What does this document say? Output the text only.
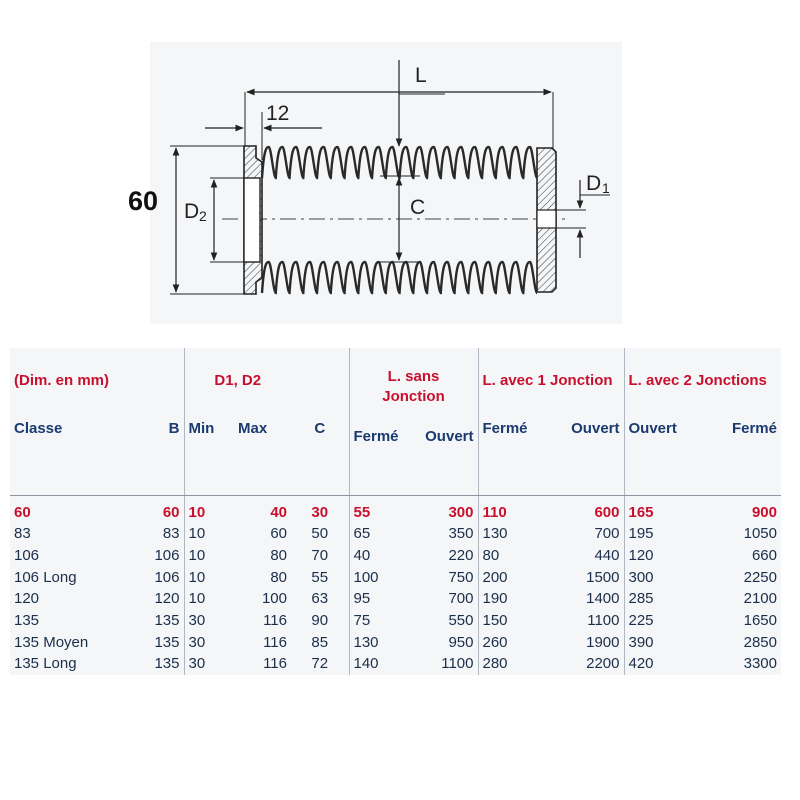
60
L
12
D 2	C
D 1
(Dim. en mm)		D1, D2			L. sans
Jonction		L. avec 1 Jonction		L. avec 2 Jonctions	
Classe	B	Min	Max	C	Fermé	Ouvert	Fermé	Ouvert	Ouvert	Fermé
60	60	10	40	30	55	300	110	600	165	900
83	83	10	60	50	65	350	130	700	195	1050
106	106	10	80	70	40	220	80	440	120	660
106 Long	106	10	80	55	100	750	200	1500	300	2250
120	120	10	100	63	95	700	190	1400	285	2100
135	135	30	116	90	75	550	150	1100	225	1650
135 Moyen	135	30	116	85	130	950	260	1900	390	2850
135 Long	135	30	116	72	140	1100	280	2200	420	3300
